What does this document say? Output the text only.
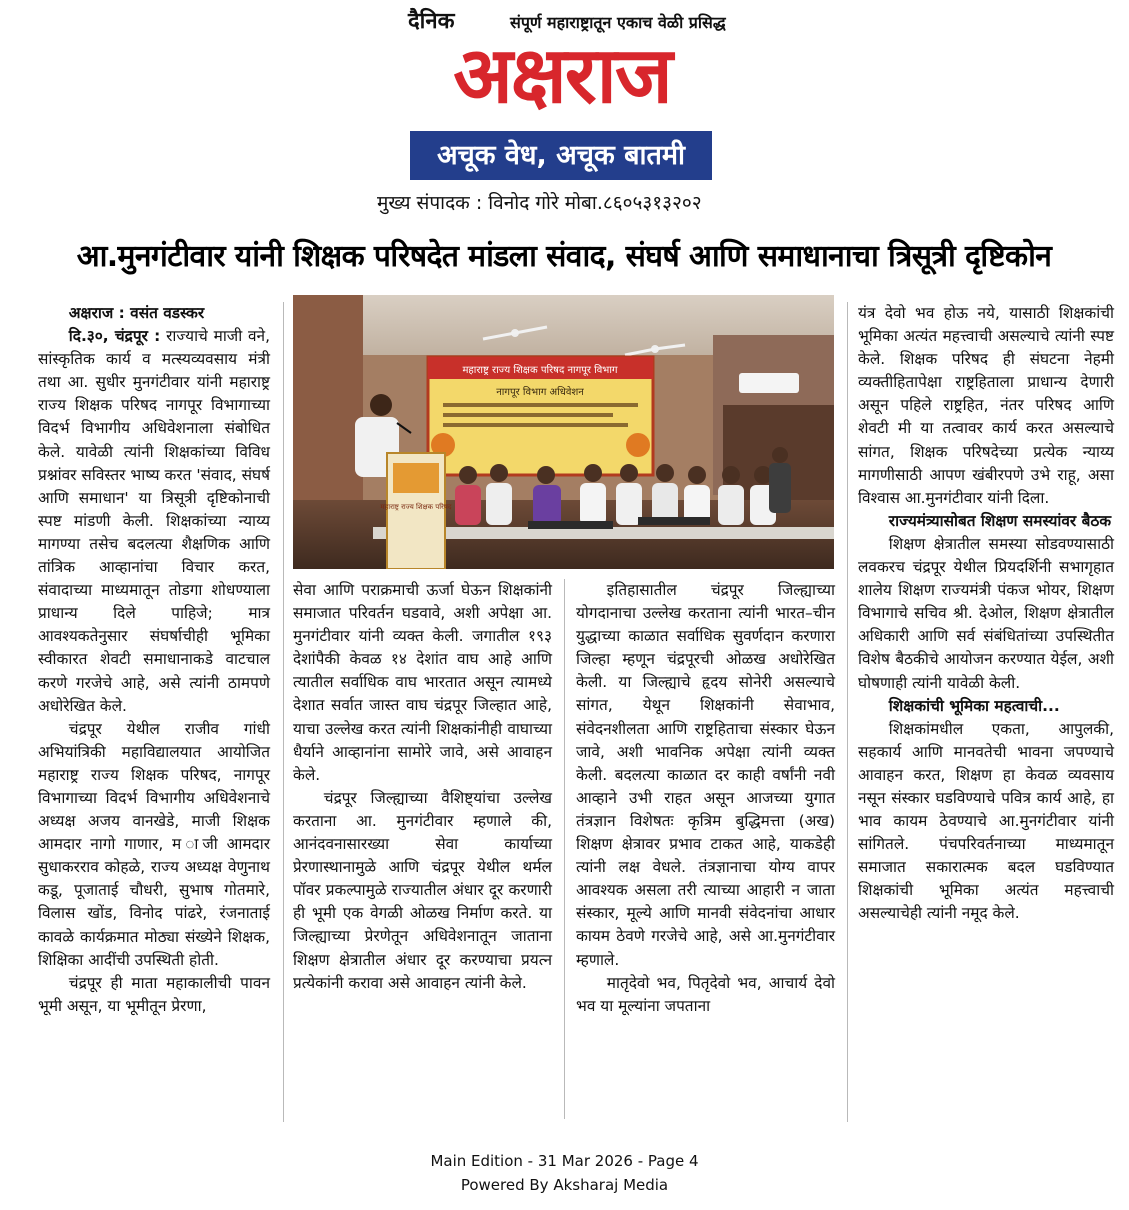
दैनिक	संपूर्ण महाराष्ट्रातून एकाच वेळी प्रसिद्ध
अक्षराज
अचूक वेध, अचूक बातमी
मुख्य संपादक : विनोद गोरे मोबा.८६०५३१३२०२
आ.मुनगंटीवार यांनी शिक्षक परिषदेत मांडला संवाद, संघर्ष आणि समाधानाचा त्रिसूत्री दृष्टिकोन

अक्षराज : वसंत वडस्कर

दि.३०, चंद्रपूर : राज्याचे माजी वने, सांस्कृतिक कार्य व मत्स्यव्यवसाय मंत्री तथा आ. सुधीर मुनगंटीवार यांनी महाराष्ट्र राज्य शिक्षक परिषद नागपूर विभागाच्या विदर्भ विभागीय अधिवेशनाला संबोधित केले. यावेळी त्यांनी शिक्षकांच्या विविध प्रश्नांवर सविस्तर भाष्य करत 'संवाद, संघर्ष आणि समाधान' या त्रिसूत्री दृष्टिकोनाची स्पष्ट मांडणी केली. शिक्षकांच्या न्याय्य मागण्या तसेच बदलत्या शैक्षणिक आणि तांत्रिक आव्हानांचा विचार करत, संवादाच्या माध्यमातून तोडगा शोधण्याला प्राधान्य दिले पाहिजे; मात्र आवश्यकतेनुसार संघर्षाचीही भूमिका स्वीकारत शेवटी समाधानाकडे वाटचाल करणे गरजेचे आहे, असे त्यांनी ठामपणे अधोरेखित केले.

चंद्रपूर येथील राजीव गांधी अभियांत्रिकी महाविद्यालयात आयोजित महाराष्ट्र राज्य शिक्षक परिषद, नागपूर विभागाच्या विदर्भ विभागीय अधिवेशनाचे अध्यक्ष अजय वानखेडे, माजी शिक्षक आमदार नागो गाणार, म ाजी आमदार सुधाकरराव कोहळे, राज्य अध्यक्ष वेणुनाथ कडू, पूजाताई चौधरी, सुभाष गोतमारे, विलास खोंड, विनोद पांढरे, रंजनाताई कावळे कार्यक्रमात मोठ्या संख्येने शिक्षक, शिक्षिका आदींची उपस्थिती होती.

चंद्रपूर ही माता महाकालीची पावन भूमी असून, या भूमीतून प्रेरणा,

महाराष्ट्र राज्य शिक्षक परिषद नागपूर विभाग
नागपूर विभाग अधिवेशन
महाराष्ट्र राज्य शिक्षक परिषद

सेवा आणि पराक्रमाची ऊर्जा घेऊन शिक्षकांनी समाजात परिवर्तन घडवावे, अशी अपेक्षा आ. मुनगंटीवार यांनी व्यक्त केली. जगातील १९३ देशांपैकी केवळ १४ देशांत वाघ आहे आणि त्यातील सर्वाधिक वाघ भारतात असून त्यामध्ये देशात सर्वात जास्त वाघ चंद्रपूर जिल्हात आहे, याचा उल्लेख करत त्यांनी शिक्षकांनीही वाघाच्या धैर्याने आव्हानांना सामोरे जावे, असे आवाहन केले.

चंद्रपूर जिल्ह्याच्या वैशिष्ट्यांचा उल्लेख करताना आ. मुनगंटीवार म्हणाले की, आनंदवनासारख्या सेवा कार्याच्या प्रेरणास्थानामुळे आणि चंद्रपूर येथील थर्मल पॉवर प्रकल्पामुळे राज्यातील अंधार दूर करणारी ही भूमी एक वेगळी ओळख निर्माण करते. या जिल्ह्याच्या प्रेरणेतून अधिवेशनातून जाताना शिक्षण क्षेत्रातील अंधार दूर करण्याचा प्रयत्न प्रत्येकांनी करावा असे आवाहन त्यांनी केले.

इतिहासातील चंद्रपूर जिल्ह्याच्या योगदानाचा उल्लेख करताना त्यांनी भारत–चीन युद्धाच्या काळात सर्वाधिक सुवर्णदान करणारा जिल्हा म्हणून चंद्रपूरची ओळख अधोरेखित केली. या जिल्ह्याचे हृदय सोनेरी असल्याचे सांगत, येथून शिक्षकांनी सेवाभाव, संवेदनशीलता आणि राष्ट्रहिताचा संस्कार घेऊन जावे, अशी भावनिक अपेक्षा त्यांनी व्यक्त केली. बदलत्या काळात दर काही वर्षांनी नवी आव्हाने उभी राहत असून आजच्या युगात तंत्रज्ञान विशेषतः कृत्रिम बुद्धिमत्ता (अख) शिक्षण क्षेत्रावर प्रभाव टाकत आहे, याकडेही त्यांनी लक्ष वेधले. तंत्रज्ञानाचा योग्य वापर आवश्यक असला तरी त्याच्या आहारी न जाता संस्कार, मूल्ये आणि मानवी संवेदनांचा आधार कायम ठेवणे गरजेचे आहे, असे आ.मुनगंटीवार म्हणाले.

मातृदेवो भव, पितृदेवो भव, आचार्य देवो भव या मूल्यांना जपताना

यंत्र देवो भव होऊ नये, यासाठी शिक्षकांची भूमिका अत्यंत महत्त्वाची असल्याचे त्यांनी स्पष्ट केले. शिक्षक परिषद ही संघटना नेहमी व्यक्तीहितापेक्षा राष्ट्रहिताला प्राधान्य देणारी असून पहिले राष्ट्रहित, नंतर परिषद आणि शेवटी मी या तत्वावर कार्य करत असल्याचे सांगत, शिक्षक परिषदेच्या प्रत्येक न्याय्य मागणीसाठी आपण खंबीरपणे उभे राहू, असा विश्वास आ.मुनगंटीवार यांनी दिला.

राज्यमंत्र्यासोबत शिक्षण समस्यांवर बैठक

शिक्षण क्षेत्रातील समस्या सोडवण्यासाठी लवकरच चंद्रपूर येथील प्रियदर्शिनी सभागृहात शालेय शिक्षण राज्यमंत्री पंकज भोयर, शिक्षण विभागाचे सचिव श्री. देओल, शिक्षण क्षेत्रातील अधिकारी आणि सर्व संबंधितांच्या उपस्थितीत विशेष बैठकीचे आयोजन करण्यात येईल, अशी घोषणाही त्यांनी यावेळी केली.

शिक्षकांची भूमिका महत्वाची...

शिक्षकांमधील एकता, आपुलकी, सहकार्य आणि मानवतेची भावना जपण्याचे आवाहन करत, शिक्षण हा केवळ व्यवसाय नसून संस्कार घडविण्याचे पवित्र कार्य आहे, हा भाव कायम ठेवण्याचे आ.मुनगंटीवार यांनी सांगितले. पंचपरिवर्तनाच्या माध्यमातून समाजात सकारात्मक बदल घडविण्यात शिक्षकांची भूमिका अत्यंत महत्त्वाची असल्याचेही त्यांनी नमूद केले.

Main Edition - 31 Mar 2026 - Page 4
Powered By Aksharaj Media
